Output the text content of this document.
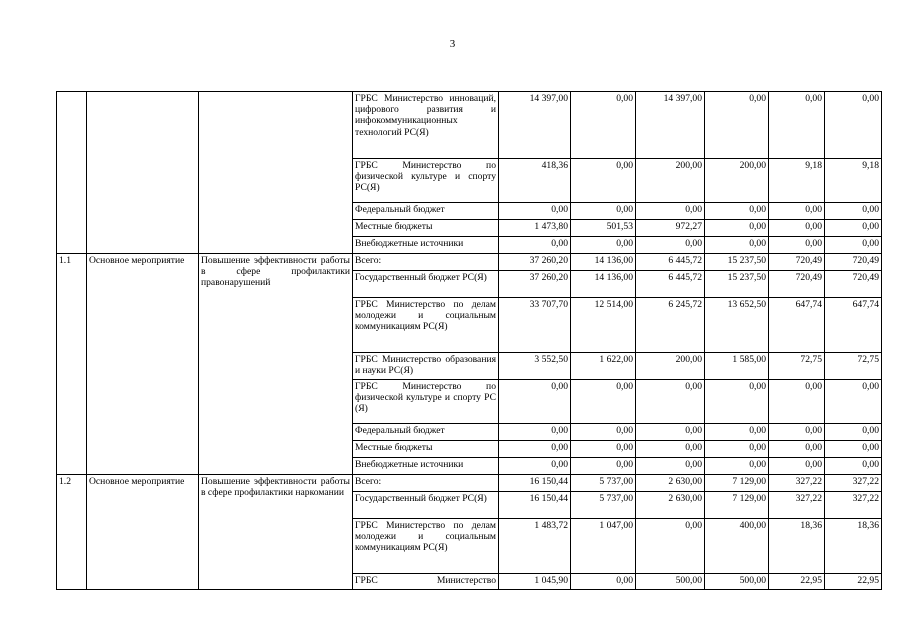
3

			ГРБС Министерство инноваций, цифрового развития и инфокоммуникационных технологий РС(Я)	14 397,00	0,00	14 397,00	0,00	0,00	0,00

			ГРБС Министерство по физической культуре и спорту РС(Я)	418,36	0,00	200,00	200,00	9,18	9,18
			Федеральный бюджет	0,00	0,00	0,00	0,00	0,00	0,00
			Местные бюджеты	1 473,80	501,53	972,27	0,00	0,00	0,00
			Внебюджетные источники	0,00	0,00	0,00	0,00	0,00	0,00
1.1	Основное мероприятие	Повышение эффективности работы в сфере профилактики правонарушений	Всего:	37 260,20	14 136,00	6 445,72	15 237,50	720,49	720,49

			Государственный бюджет РС(Я)	37 260,20	14 136,00	6 445,72	15 237,50	720,49	720,49

			ГРБС Министерство по делам молодежи и социальным коммуникациям РС(Я)	33 707,70	12 514,00	6 245,72	13 652,50	647,74	647,74

			ГРБС Министерство образования и науки РС(Я)	3 552,50	1 622,00	200,00	1 585,00	72,75	72,75

			ГРБС Министерство по физической культуре и спорту РС (Я)	0,00	0,00	0,00	0,00	0,00	0,00
			Федеральный бюджет	0,00	0,00	0,00	0,00	0,00	0,00
			Местные бюджеты	0,00	0,00	0,00	0,00	0,00	0,00
			Внебюджетные источники	0,00	0,00	0,00	0,00	0,00	0,00
1.2	Основное мероприятие	Повышение эффективности работы в сфере профилактики наркомании	Всего:	16 150,44	5 737,00	2 630,00	7 129,00	327,22	327,22

			Государственный бюджет РС(Я)	16 150,44	5 737,00	2 630,00	7 129,00	327,22	327,22

			ГРБС Министерство по делам молодежи и социальным коммуникациям РС(Я)	1 483,72	1 047,00	0,00	400,00	18,36	18,36
			ГРБС Министерство	1 045,90	0,00	500,00	500,00	22,95	22,95
